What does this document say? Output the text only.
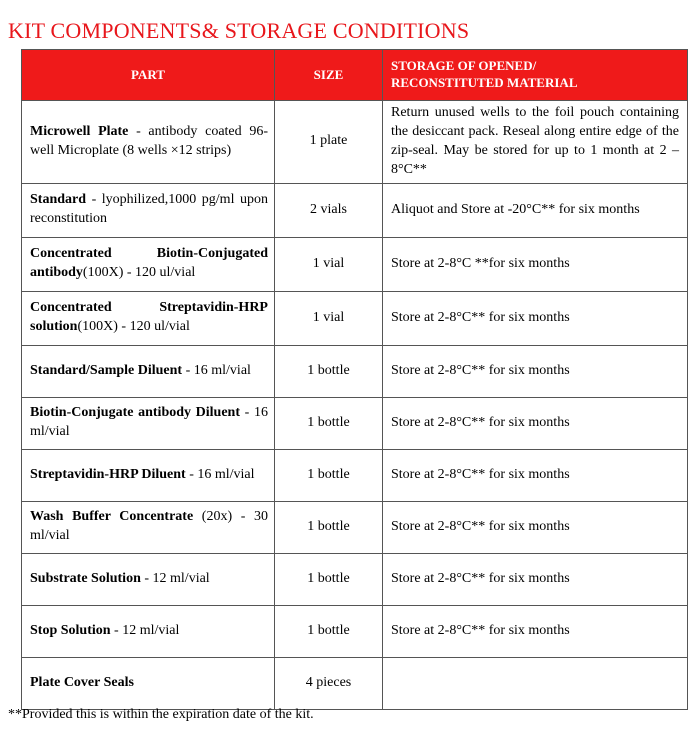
KIT COMPONENTS& STORAGE CONDITIONS
PART	SIZE	STORAGE OF OPENED/
RECONSTITUTED MATERIAL
Microwell Plate - antibody coated 96-well Microplate (8 wells ×12 strips)	1 plate	Return unused wells to the foil pouch containing the desiccant pack. Reseal along entire edge of the zip-seal. May be stored for up to 1 month at 2 – 8°C**
Standard - lyophilized,1000 pg/ml upon reconstitution	2 vials	Aliquot and Store at -20°C** for six months
Concentrated Biotin-Conjugated antibody(100X) - 120 ul/vial	1 vial	Store at 2-8°C **for six months
Concentrated Streptavidin-HRP solution(100X) - 120 ul/vial	1 vial	Store at 2-8°C** for six months
Standard/Sample Diluent - 16 ml/vial	1 bottle	Store at 2-8°C** for six months
Biotin-Conjugate antibody Diluent - 16 ml/vial	1 bottle	Store at 2-8°C** for six months
Streptavidin-HRP Diluent - 16 ml/vial	1 bottle	Store at 2-8°C** for six months
Wash Buffer Concentrate (20x) - 30 ml/vial	1 bottle	Store at 2-8°C** for six months
Substrate Solution - 12 ml/vial	1 bottle	Store at 2-8°C** for six months
Stop Solution - 12 ml/vial	1 bottle	Store at 2-8°C** for six months
Plate Cover Seals	4 pieces	
**Provided this is within the expiration date of the kit.
